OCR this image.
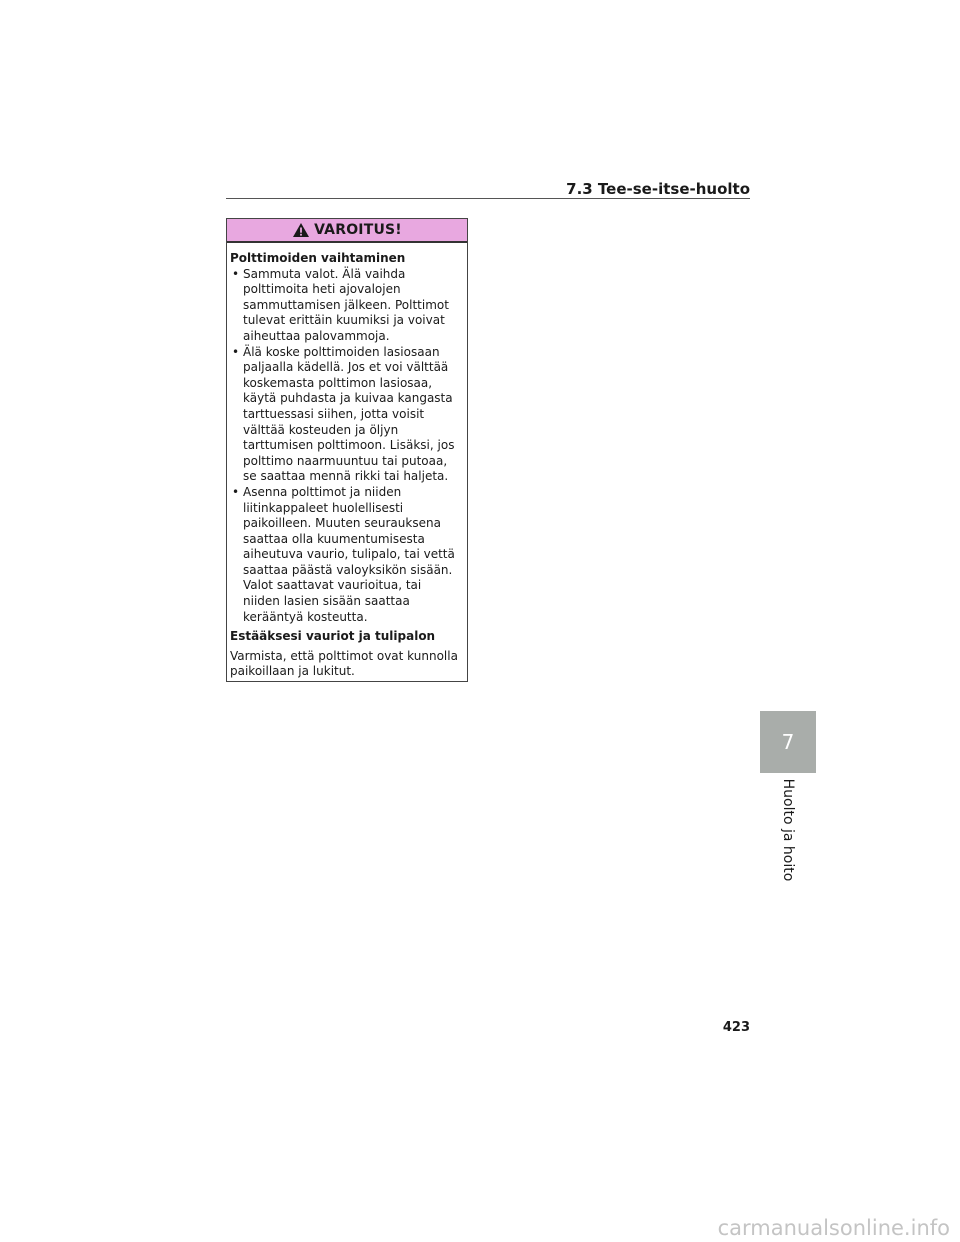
7.3 Tee-se-itse-huolto
VAROITUS!
Polttimoiden vaihtaminen
• Sammuta valot. Älä vaihda polttimoita heti ajovalojen sammuttamisen jälkeen. Polttimot tulevat erittäin kuumiksi ja voivat aiheuttaa palovammoja.
• Älä koske polttimoiden lasiosaan paljaalla kädellä. Jos et voi välttää koskemasta polttimon lasiosaa, käytä puhdasta ja kuivaa kangasta tarttuessasi siihen, jotta voisit välttää kosteuden ja öljyn tarttumisen polttimoon. Lisäksi, jos polttimo naarmuuntuu tai putoaa, se saattaa mennä rikki tai haljeta.
• Asenna polttimot ja niiden liitinkappaleet huolellisesti paikoilleen. Muuten seurauksena saattaa olla kuumentumisesta aiheutuva vaurio, tulipalo, tai vettä saattaa päästä valoyksikön sisään. Valot saattavat vaurioitua, tai niiden lasien sisään saattaa kerääntyä kosteutta.
Estääksesi vauriot ja tulipalon
Varmista, että polttimot ovat kunnolla paikoillaan ja lukitut.
7
Huolto ja hoito
423
carmanualsonline.info
